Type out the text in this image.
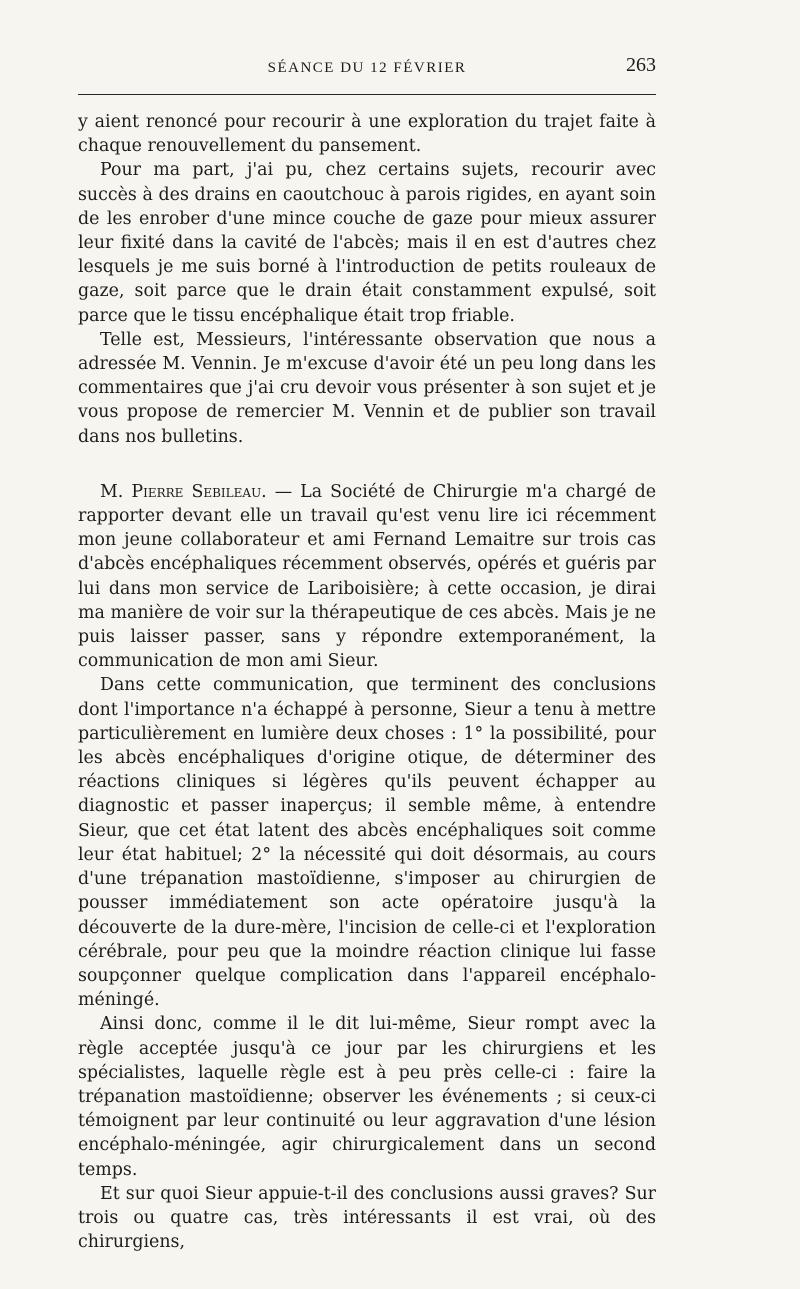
SÉANCE DU 12 FÉVRIER	263

y aient renoncé pour recourir à une exploration du trajet faite à chaque renouvellement du pansement.

Pour ma part, j'ai pu, chez certains sujets, recourir avec succès à des drains en caoutchouc à parois rigides, en ayant soin de les enrober d'une mince couche de gaze pour mieux assurer leur fixité dans la cavité de l'abcès; mais il en est d'autres chez lesquels je me suis borné à l'introduction de petits rouleaux de gaze, soit parce que le drain était constamment expulsé, soit parce que le tissu encéphalique était trop friable.

Telle est, Messieurs, l'intéressante observation que nous a adressée M. Vennin. Je m'excuse d'avoir été un peu long dans les commentaires que j'ai cru devoir vous présenter à son sujet et je vous propose de remercier M. Vennin et de publier son travail dans nos bulletins.

M. Pierre Sebileau. — La Société de Chirurgie m'a chargé de rapporter devant elle un travail qu'est venu lire ici récemment mon jeune collaborateur et ami Fernand Lemaitre sur trois cas d'abcès encéphaliques récemment observés, opérés et guéris par lui dans mon service de Lariboisière; à cette occasion, je dirai ma manière de voir sur la thérapeutique de ces abcès. Mais je ne puis laisser passer, sans y répondre extemporanément, la communication de mon ami Sieur.

Dans cette communication, que terminent des conclusions dont l'importance n'a échappé à personne, Sieur a tenu à mettre particulièrement en lumière deux choses : 1° la possibilité, pour les abcès encéphaliques d'origine otique, de déterminer des réactions cliniques si légères qu'ils peuvent échapper au diagnostic et passer inaperçus; il semble même, à entendre Sieur, que cet état latent des abcès encéphaliques soit comme leur état habituel; 2° la nécessité qui doit désormais, au cours d'une trépanation mastoïdienne, s'imposer au chirurgien de pousser immédiatement son acte opératoire jusqu'à la découverte de la dure-mère, l'incision de celle-ci et l'exploration cérébrale, pour peu que la moindre réaction clinique lui fasse soupçonner quelque complication dans l'appareil encéphalo-méningé.

Ainsi donc, comme il le dit lui-même, Sieur rompt avec la règle acceptée jusqu'à ce jour par les chirurgiens et les spécialistes, laquelle règle est à peu près celle-ci : faire la trépanation mastoïdienne; observer les événements ; si ceux-ci témoignent par leur continuité ou leur aggravation d'une lésion encéphalo-méningée, agir chirurgicalement dans un second temps.

Et sur quoi Sieur appuie-t-il des conclusions aussi graves? Sur trois ou quatre cas, très intéressants il est vrai, où des chirurgiens,
